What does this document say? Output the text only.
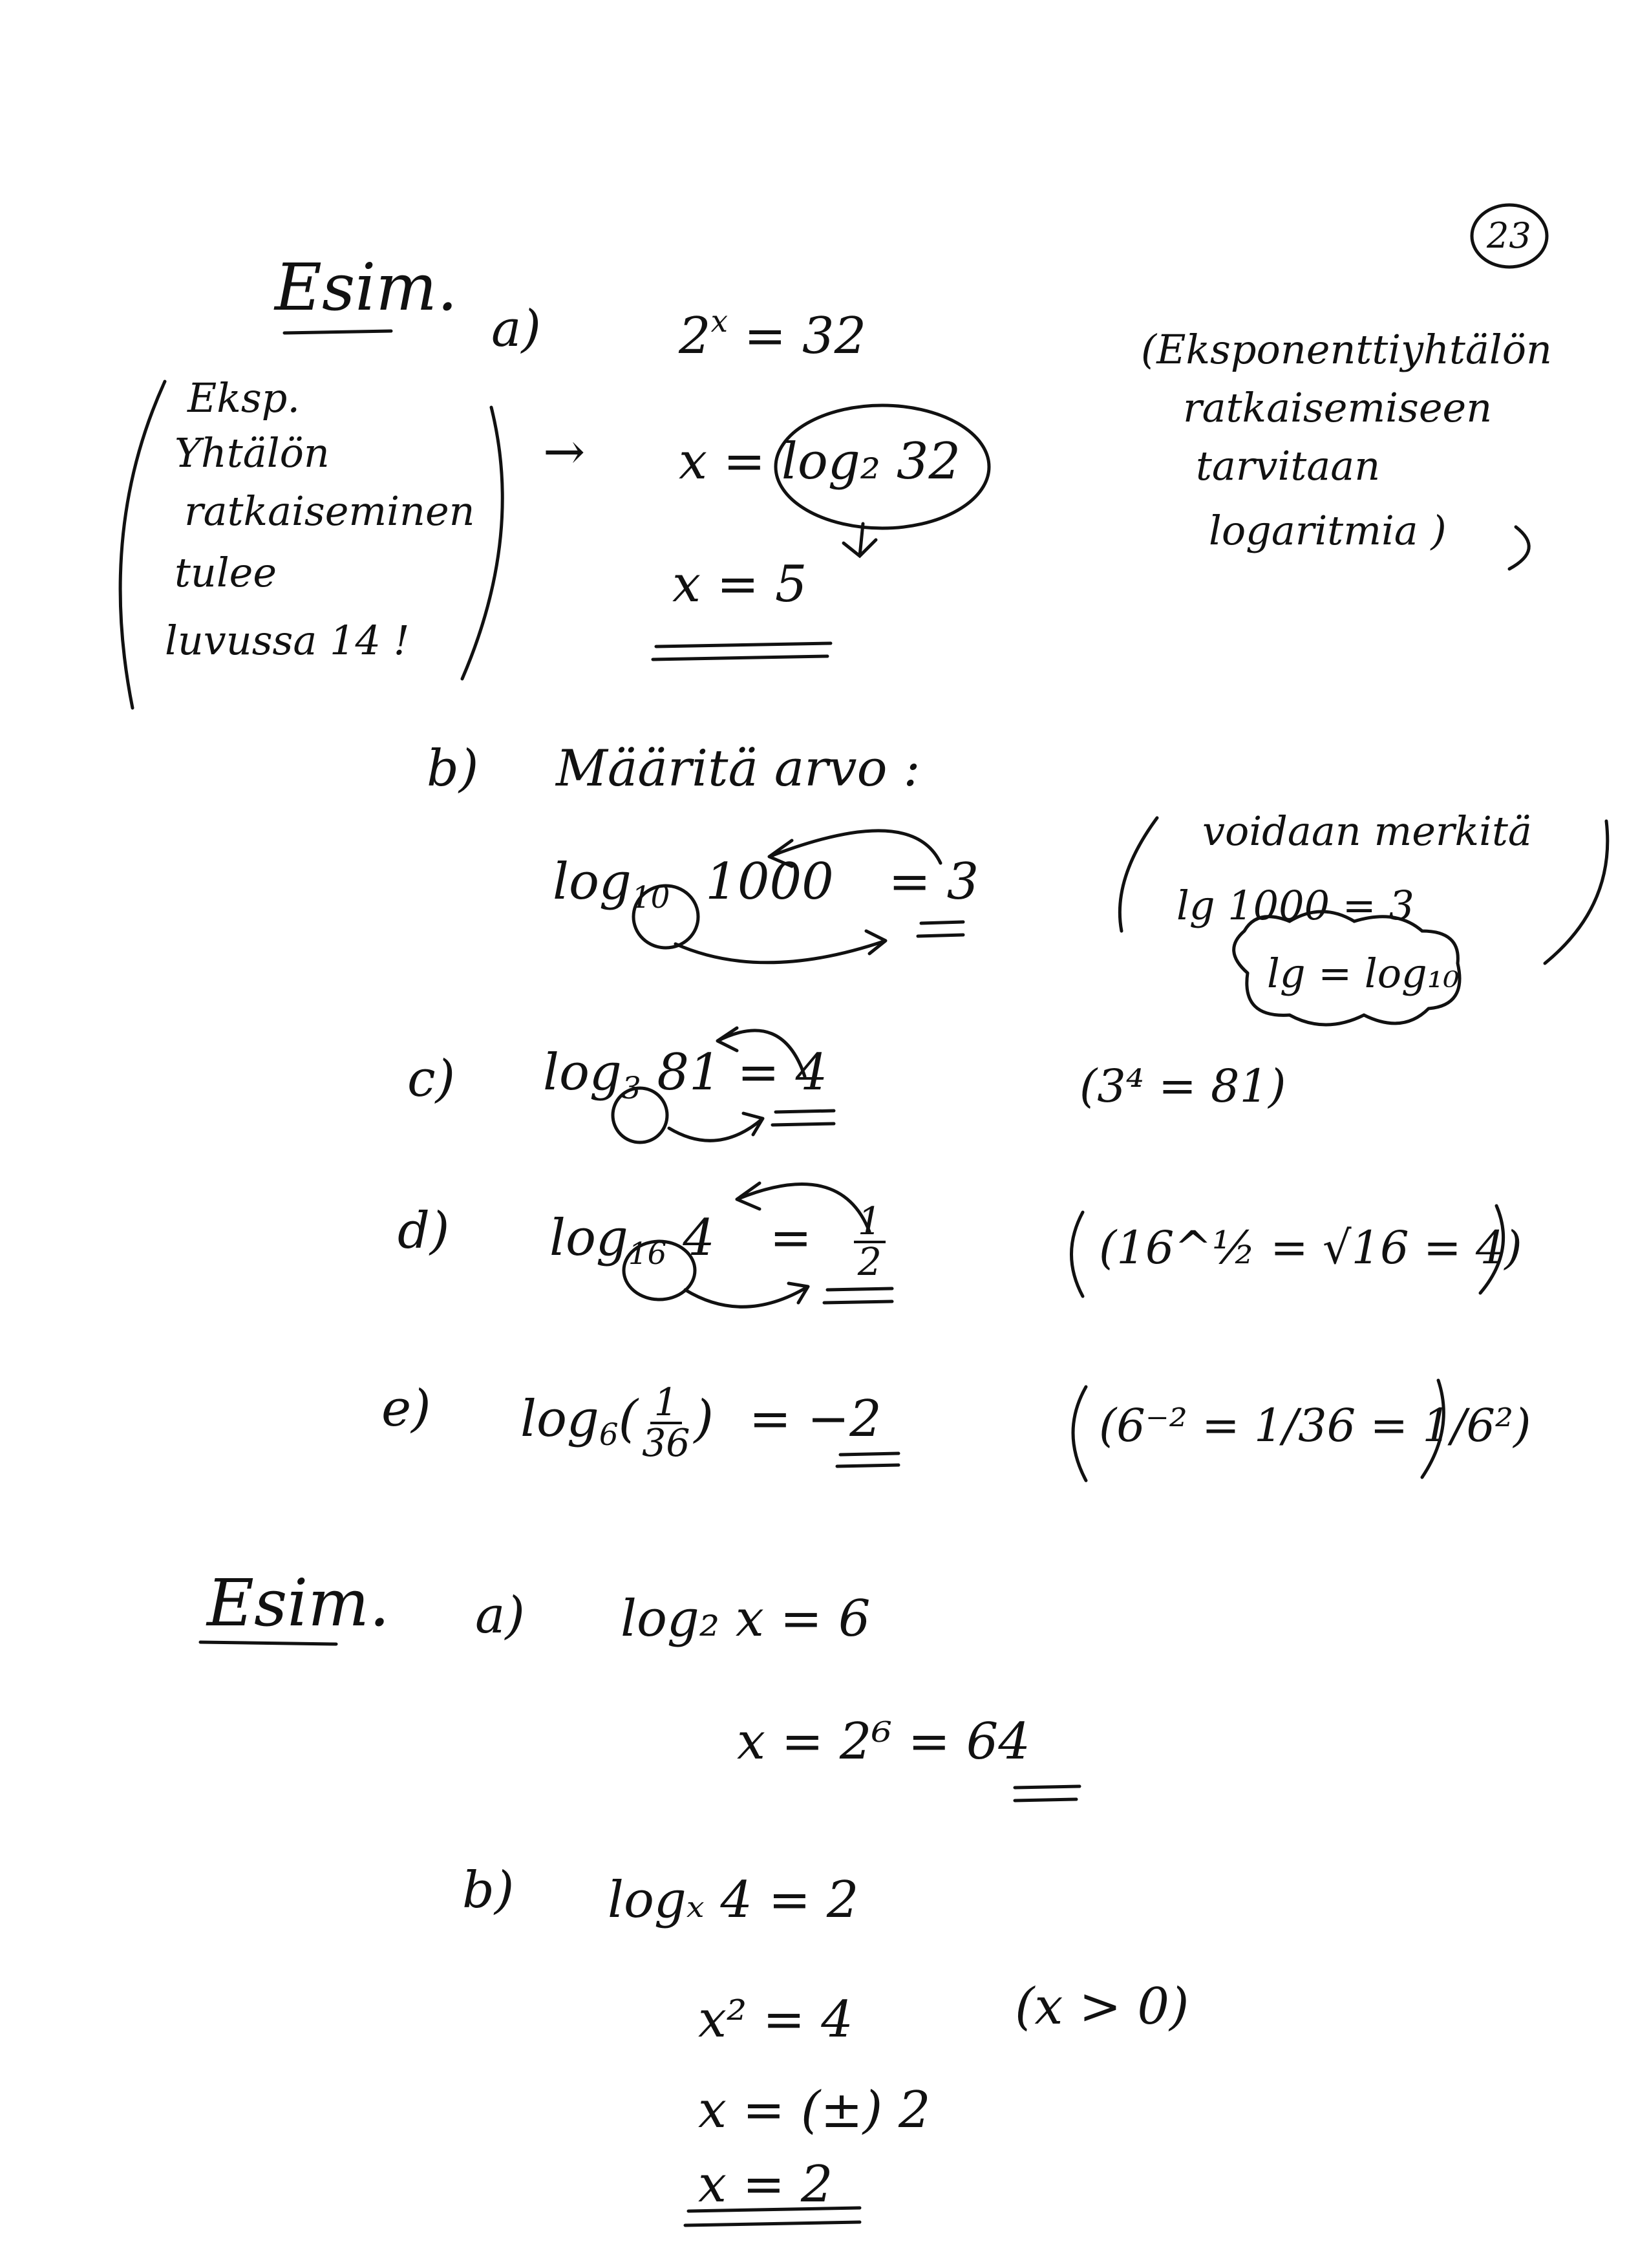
23
Esim.
a)	$2^x = 32$
Eksp.
Yhtälön
ratkaiseminen
tulee
luvussa 14 !
→ x = log₂ 32
x = 5
(Eksponenttiyhtälön
ratkaisemiseen
tarvitaan
logaritmia )
b) Määritä arvo :
$\log_{10} 1000 = 3$
voidaan merkitä
lg 1000 = 3
lg = log₁₀
c) $\log_3 81 = 4$	(3⁴ = 81)
d) $\log_{16} 4 = \frac{1}{2}$	(16^½ = √16 = 4)
e) $\log_6( \frac{1}{36}$ ) = −2	(6⁻² = 1/36 = 1/6²)
Esim. a) log₂ x = 6
x = 2⁶ = 64
b) logₓ 4 = 2
x² = 4	(x > 0)
x = (±) 2
x = 2
